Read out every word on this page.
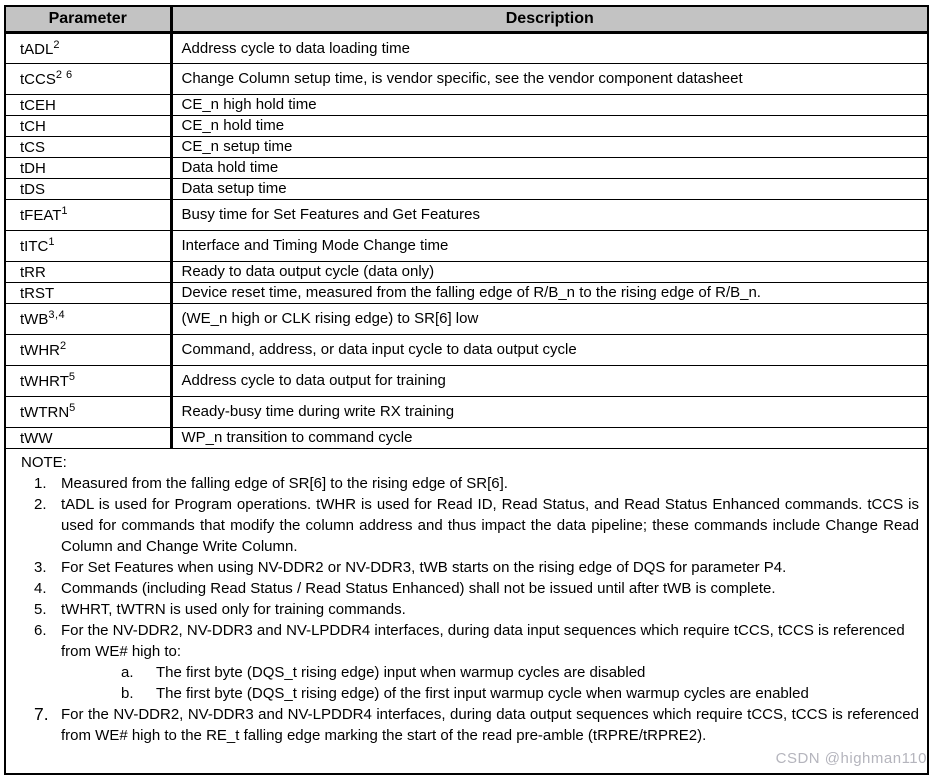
Parameter	Description
tADL$^2$	Address cycle to data loading time
tCCS$^{2 6}$	Change Column setup time, is vendor specific, see the vendor component datasheet
tCEH	CE_n high hold time
tCH	CE_n hold time
tCS	CE_n setup time
tDH	Data hold time
tDS	Data setup time
tFEAT$^1$	Busy time for Set Features and Get Features
tITC$^1$	Interface and Timing Mode Change time
tRR	Ready to data output cycle (data only)
tRST	Device reset time, measured from the falling edge of R/B_n to the rising edge of R/B_n.
tWB$^{3,4}$	(WE_n high or CLK rising edge) to SR[6] low
tWHR$^2$	Command, address, or data input cycle to data output cycle
tWHRT$^5$	Address cycle to data output for training
tWTRN$^5$	Ready-busy time during write RX training
tWW	WP_n transition to command cycle
NOTE:
1. Measured from the falling edge of SR[6] to the rising edge of SR[6].
2. tADL is used for Program operations. tWHR is used for Read ID, Read Status, and Read Status Enhanced commands. tCCS is used for commands that modify the column address and thus impact the data pipeline; these commands include Change Read Column and Change Write Column.
3. For Set Features when using NV-DDR2 or NV-DDR3, tWB starts on the rising edge of DQS for parameter P4.
4. Commands (including Read Status / Read Status Enhanced) shall not be issued until after tWB is complete.
5. tWHRT, tWTRN is used only for training commands.
6. For the NV-DDR2, NV-DDR3 and NV-LPDDR4 interfaces, during data input sequences which require tCCS, tCCS is referenced from WE# high to:
a.	The first byte (DQS_t rising edge) input when warmup cycles are disabled
b.	The first byte (DQS_t rising edge) of the first input warmup cycle when warmup cycles are enabled
7. For the NV-DDR2, NV-DDR3 and NV-LPDDR4 interfaces, during data output sequences which require tCCS, tCCS is referenced from WE# high to the RE_t falling edge marking the start of the read pre-amble (tRPRE/tRPRE2).
CSDN @highman110
